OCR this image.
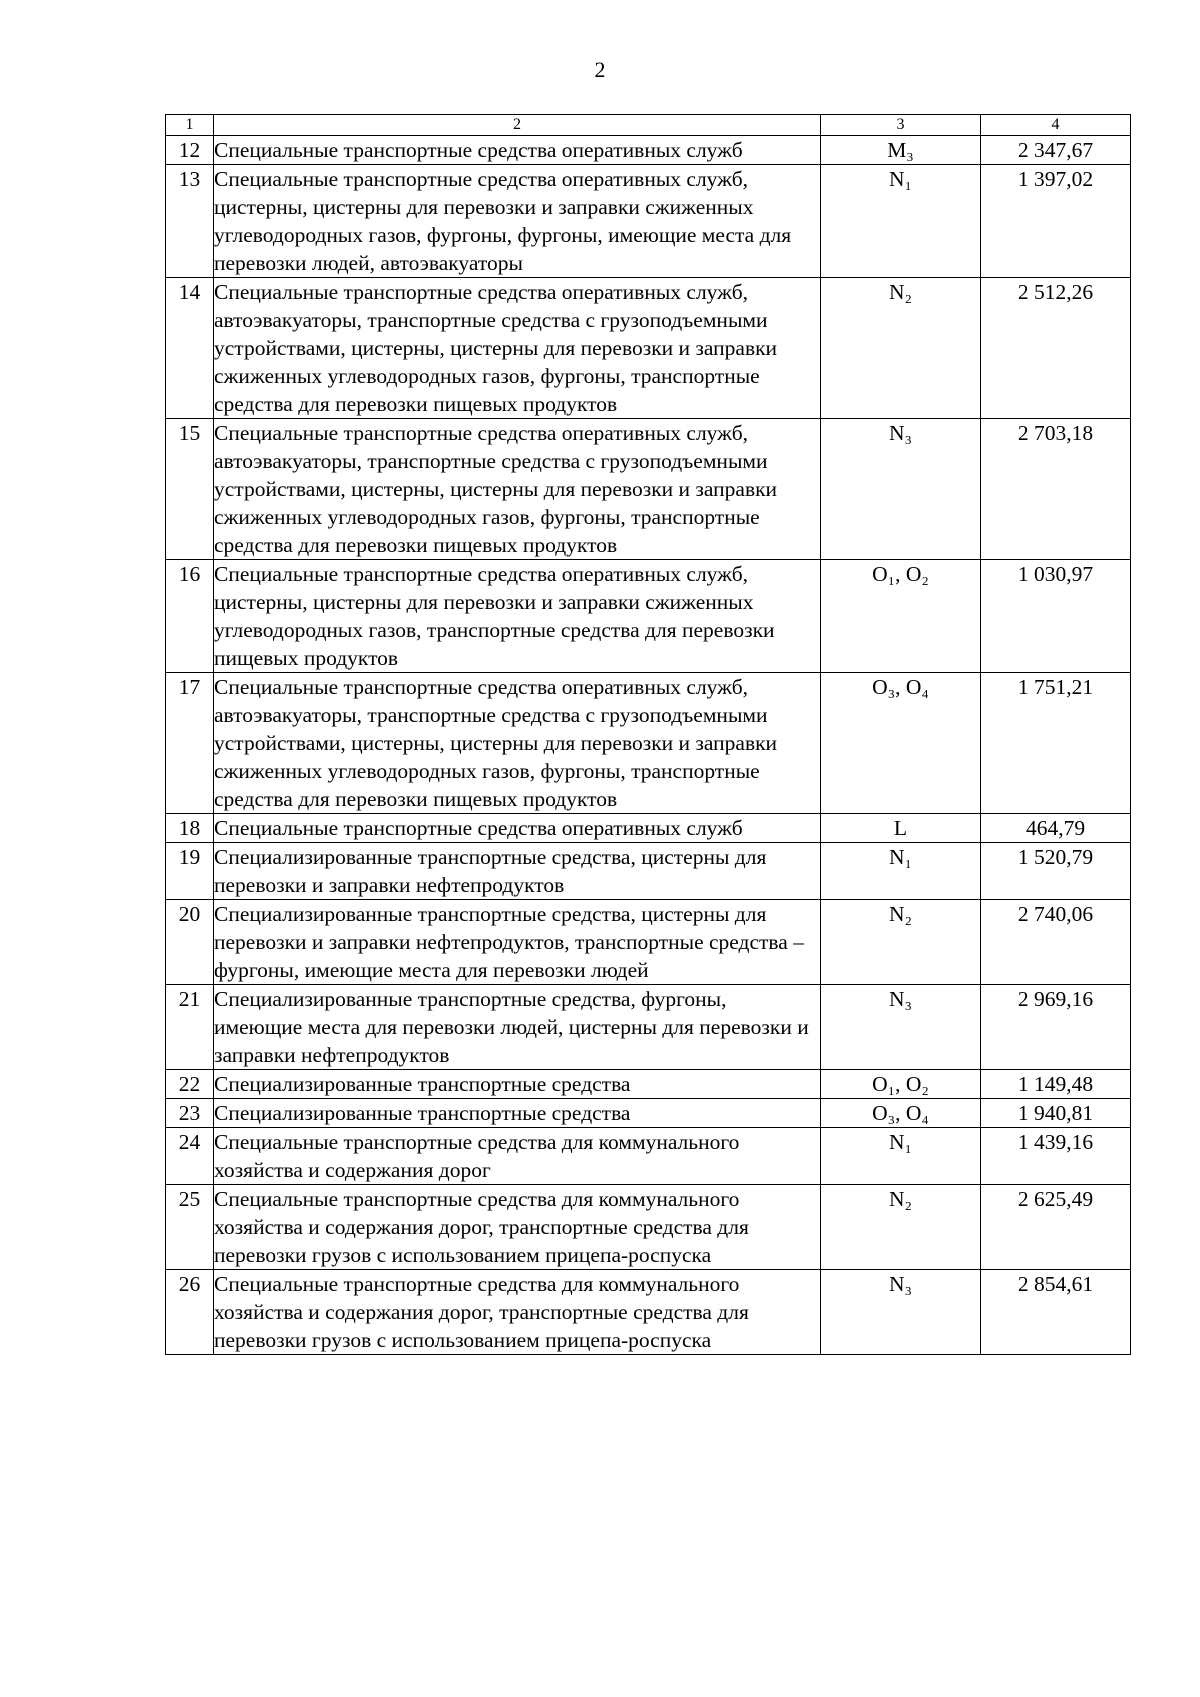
2
1	2	3	4
12	Специальные транспортные средства оперативных служб	M₃	2 347,67
13	Специальные транспортные средства оперативных служб, цистерны, цистерны для перевозки и заправки сжиженных углеводородных газов, фургоны, фургоны, имеющие места для перевозки людей, автоэвакуаторы	N₁	1 397,02
14	Специальные транспортные средства оперативных служб, автоэвакуаторы, транспортные средства с грузоподъемными устройствами, цистерны, цистерны для перевозки и заправки сжиженных углеводородных газов, фургоны, транспортные средства для перевозки пищевых продуктов	N₂	2 512,26
15	Специальные транспортные средства оперативных служб, автоэвакуаторы, транспортные средства с грузоподъемными устройствами, цистерны, цистерны для перевозки и заправки сжиженных углеводородных газов, фургоны, транспортные средства для перевозки пищевых продуктов	N₃	2 703,18
16	Специальные транспортные средства оперативных служб, цистерны, цистерны для перевозки и заправки сжиженных углеводородных газов, транспортные средства для перевозки пищевых продуктов	O₁, O₂	1 030,97
17	Специальные транспортные средства оперативных служб, автоэвакуаторы, транспортные средства с грузоподъемными устройствами, цистерны, цистерны для перевозки и заправки сжиженных углеводородных газов, фургоны, транспортные средства для перевозки пищевых продуктов	O₃, O₄	1 751,21
18	Специальные транспортные средства оперативных служб	L	464,79
19	Специализированные транспортные средства, цистерны для перевозки и заправки нефтепродуктов	N₁	1 520,79
20	Специализированные транспортные средства, цистерны для перевозки и заправки нефтепродуктов, транспортные средства – фургоны, имеющие места для перевозки людей	N₂	2 740,06
21	Специализированные транспортные средства, фургоны, имеющие места для перевозки людей, цистерны для перевозки и заправки нефтепродуктов	N₃	2 969,16
22	Специализированные транспортные средства	O₁, O₂	1 149,48
23	Специализированные транспортные средства	O₃, O₄	1 940,81
24	Специальные транспортные средства для коммунального хозяйства и содержания дорог	N₁	1 439,16
25	Специальные транспортные средства для коммунального хозяйства и содержания дорог, транспортные средства для перевозки грузов с использованием прицепа-роспуска	N₂	2 625,49
26	Специальные транспортные средства для коммунального хозяйства и содержания дорог, транспортные средства для перевозки грузов с использованием прицепа-роспуска	N₃	2 854,61
